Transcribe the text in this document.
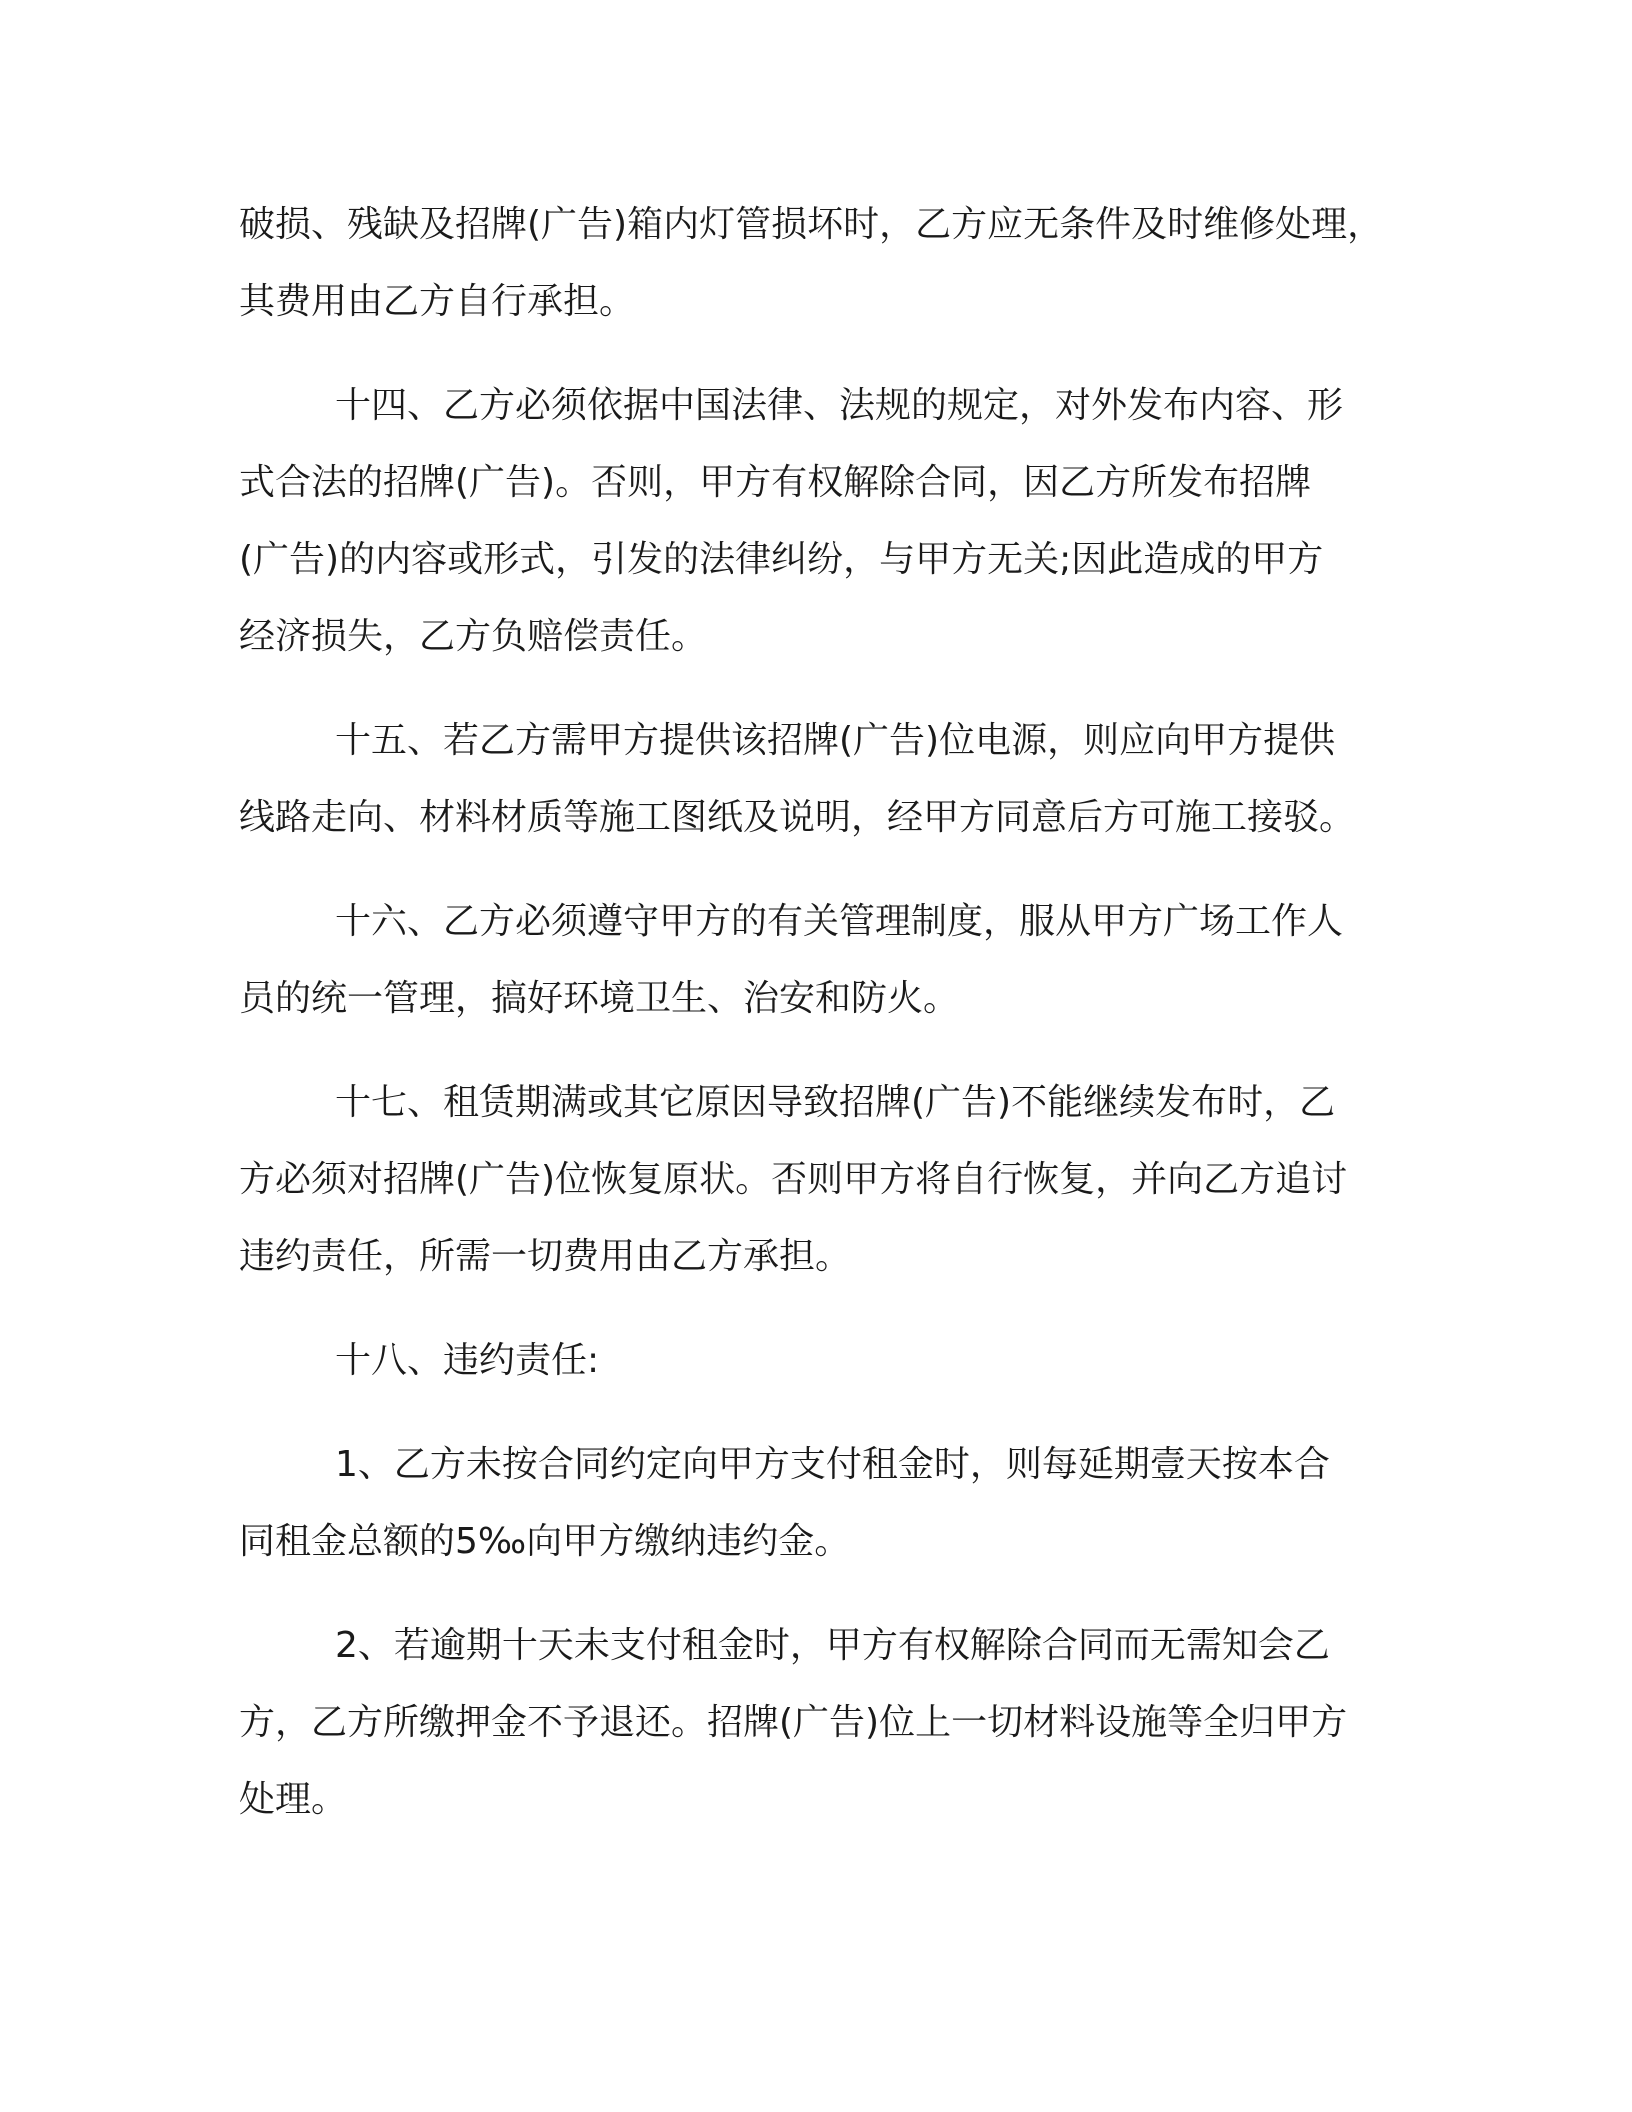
破损、残缺及招牌(广告)箱内灯管损坏时，乙方应无条件及时维修处理，
其费用由乙方自行承担。
十四、乙方必须依据中国法律、法规的规定，对外发布内容、形
式合法的招牌(广告)。否则，甲方有权解除合同，因乙方所发布招牌
(广告)的内容或形式，引发的法律纠纷，与甲方无关;因此造成的甲方
经济损失，乙方负赔偿责任。
十五、若乙方需甲方提供该招牌(广告)位电源，则应向甲方提供
线路走向、材料材质等施工图纸及说明，经甲方同意后方可施工接驳。
十六、乙方必须遵守甲方的有关管理制度，服从甲方广场工作人
员的统一管理，搞好环境卫生、治安和防火。
十七、租赁期满或其它原因导致招牌(广告)不能继续发布时，乙
方必须对招牌(广告)位恢复原状。否则甲方将自行恢复，并向乙方追讨
违约责任，所需一切费用由乙方承担。
十八、违约责任:
1、乙方未按合同约定向甲方支付租金时，则每延期壹天按本合
同租金总额的5‰向甲方缴纳违约金。
2、若逾期十天未支付租金时，甲方有权解除合同而无需知会乙
方，乙方所缴押金不予退还。招牌(广告)位上一切材料设施等全归甲方
处理。
